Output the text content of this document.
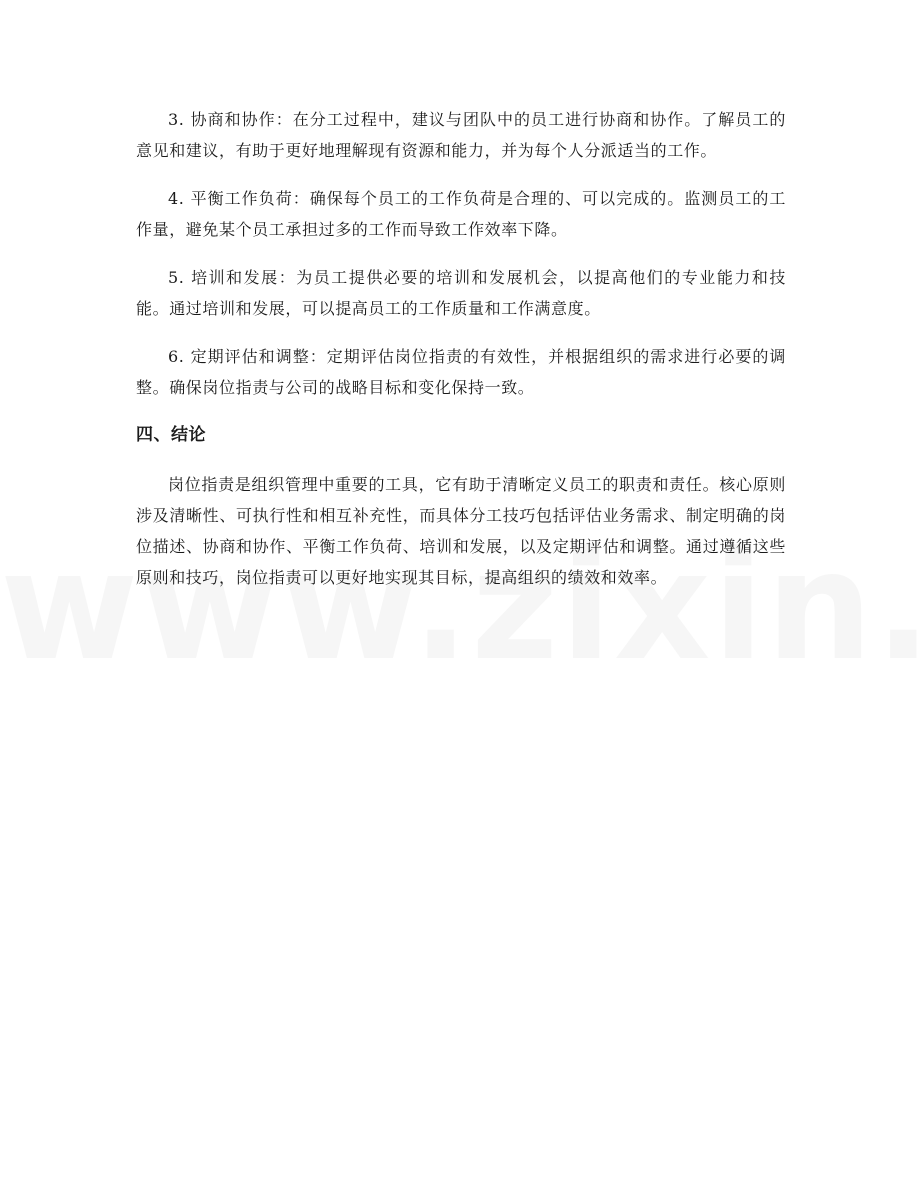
3. 协商和协作：在分工过程中，建议与团队中的员工进行协商和协作。了解员工的意见和建议，有助于更好地理解现有资源和能力，并为每个人分派适当的工作。

4. 平衡工作负荷：确保每个员工的工作负荷是合理的、可以完成的。监测员工的工作量，避免某个员工承担过多的工作而导致工作效率下降。

5. 培训和发展：为员工提供必要的培训和发展机会，以提高他们的专业能力和技能。通过培训和发展，可以提高员工的工作质量和工作满意度。

6. 定期评估和调整：定期评估岗位指责的有效性，并根据组织的需求进行必要的调整。确保岗位指责与公司的战略目标和变化保持一致。

四、结论

岗位指责是组织管理中重要的工具，它有助于清晰定义员工的职责和责任。核心原则涉及清晰性、可执行性和相互补充性，而具体分工技巧包括评估业务需求、制定明确的岗位描述、协商和协作、平衡工作负荷、培训和发展，以及定期评估和调整。通过遵循这些原则和技巧，岗位指责可以更好地实现其目标，提高组织的绩效和效率。
